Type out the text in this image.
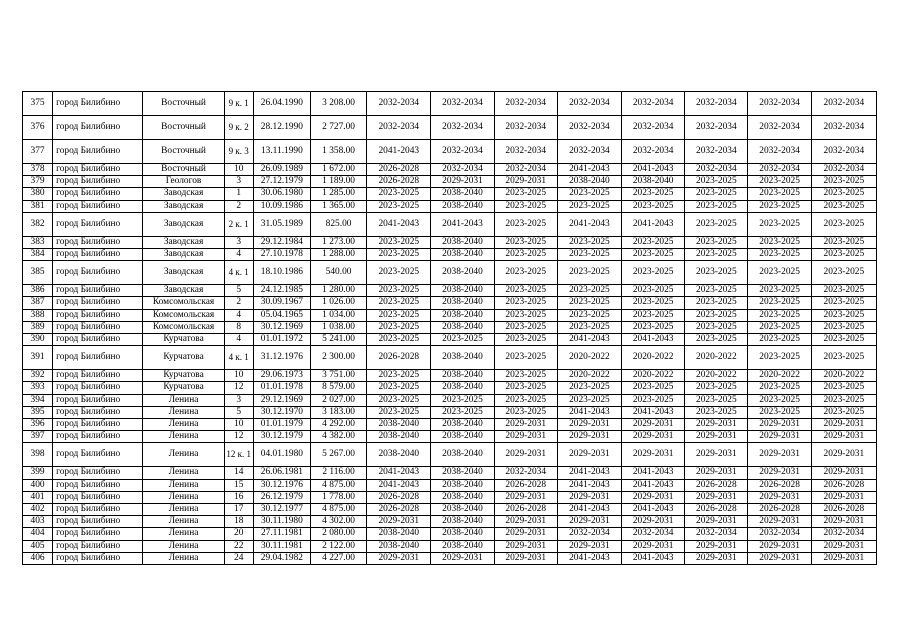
375	город Билибино	Восточный	9 к. 1	26.04.1990	3 208.00	2032-2034	2032-2034	2032-2034	2032-2034	2032-2034	2032-2034	2032-2034	2032-2034
376	город Билибино	Восточный	9 к. 2	28.12.1990	2 727.00	2032-2034	2032-2034	2032-2034	2032-2034	2032-2034	2032-2034	2032-2034	2032-2034
377	город Билибино	Восточный	9 к. 3	13.11.1990	1 358.00	2041-2043	2032-2034	2032-2034	2032-2034	2032-2034	2032-2034	2032-2034	2032-2034
378	город Билибино	Восточный	10	26.09.1989	1 672.00	2026-2028	2032-2034	2032-2034	2041-2043	2041-2043	2032-2034	2032-2034	2032-2034
379	город Билибино	Геологов	3	27.12.1979	1 189.00	2026-2028	2029-2031	2029-2031	2038-2040	2038-2040	2023-2025	2023-2025	2023-2025
380	город Билибино	Заводская	1	30.06.1980	1 285.00	2023-2025	2038-2040	2023-2025	2023-2025	2023-2025	2023-2025	2023-2025	2023-2025
381	город Билибино	Заводская	2	10.09.1986	1 365.00	2023-2025	2038-2040	2023-2025	2023-2025	2023-2025	2023-2025	2023-2025	2023-2025
382	город Билибино	Заводская	2 к. 1	31.05.1989	825.00	2041-2043	2041-2043	2023-2025	2041-2043	2041-2043	2023-2025	2023-2025	2023-2025
383	город Билибино	Заводская	3	29.12.1984	1 273.00	2023-2025	2038-2040	2023-2025	2023-2025	2023-2025	2023-2025	2023-2025	2023-2025
384	город Билибино	Заводская	4	27.10.1978	1 288.00	2023-2025	2038-2040	2023-2025	2023-2025	2023-2025	2023-2025	2023-2025	2023-2025
385	город Билибино	Заводская	4 к. 1	18.10.1986	540.00	2023-2025	2038-2040	2023-2025	2023-2025	2023-2025	2023-2025	2023-2025	2023-2025
386	город Билибино	Заводская	5	24.12.1985	1 280.00	2023-2025	2038-2040	2023-2025	2023-2025	2023-2025	2023-2025	2023-2025	2023-2025
387	город Билибино	Комсомольская	2	30.09.1967	1 026.00	2023-2025	2038-2040	2023-2025	2023-2025	2023-2025	2023-2025	2023-2025	2023-2025
388	город Билибино	Комсомольская	4	05.04.1965	1 034.00	2023-2025	2038-2040	2023-2025	2023-2025	2023-2025	2023-2025	2023-2025	2023-2025
389	город Билибино	Комсомольская	8	30.12.1969	1 038.00	2023-2025	2038-2040	2023-2025	2023-2025	2023-2025	2023-2025	2023-2025	2023-2025
390	город Билибино	Курчатова	4	01.01.1972	5 241.00	2023-2025	2023-2025	2023-2025	2041-2043	2041-2043	2023-2025	2023-2025	2023-2025
391	город Билибино	Курчатова	4 к. 1	31.12.1976	2 300.00	2026-2028	2038-2040	2023-2025	2020-2022	2020-2022	2020-2022	2023-2025	2023-2025
392	город Билибино	Курчатова	10	29.06.1973	3 751.00	2023-2025	2038-2040	2023-2025	2020-2022	2020-2022	2020-2022	2020-2022	2020-2022
393	город Билибино	Курчатова	12	01.01.1978	8 579.00	2023-2025	2038-2040	2023-2025	2023-2025	2023-2025	2023-2025	2023-2025	2023-2025
394	город Билибино	Ленина	3	29.12.1969	2 027.00	2023-2025	2023-2025	2023-2025	2023-2025	2023-2025	2023-2025	2023-2025	2023-2025
395	город Билибино	Ленина	5	30.12.1970	3 183.00	2023-2025	2023-2025	2023-2025	2041-2043	2041-2043	2023-2025	2023-2025	2023-2025
396	город Билибино	Ленина	10	01.01.1979	4 292.00	2038-2040	2038-2040	2029-2031	2029-2031	2029-2031	2029-2031	2029-2031	2029-2031
397	город Билибино	Ленина	12	30.12.1979	4 382.00	2038-2040	2038-2040	2029-2031	2029-2031	2029-2031	2029-2031	2029-2031	2029-2031
398	город Билибино	Ленина	12 к. 1	04.01.1980	5 267.00	2038-2040	2038-2040	2029-2031	2029-2031	2029-2031	2029-2031	2029-2031	2029-2031
399	город Билибино	Ленина	14	26.06.1981	2 116.00	2041-2043	2038-2040	2032-2034	2041-2043	2041-2043	2029-2031	2029-2031	2029-2031
400	город Билибино	Ленина	15	30.12.1976	4 875.00	2041-2043	2038-2040	2026-2028	2041-2043	2041-2043	2026-2028	2026-2028	2026-2028
401	город Билибино	Ленина	16	26.12.1979	1 778.00	2026-2028	2038-2040	2029-2031	2029-2031	2029-2031	2029-2031	2029-2031	2029-2031
402	город Билибино	Ленина	17	30.12.1977	4 875.00	2026-2028	2038-2040	2026-2028	2041-2043	2041-2043	2026-2028	2026-2028	2026-2028
403	город Билибино	Ленина	18	30.11.1980	4 302.00	2029-2031	2038-2040	2029-2031	2029-2031	2029-2031	2029-2031	2029-2031	2029-2031
404	город Билибино	Ленина	20	27.11.1981	2 080.00	2038-2040	2038-2040	2029-2031	2032-2034	2032-2034	2032-2034	2032-2034	2032-2034
405	город Билибино	Ленина	22	30.11.1981	2 122.00	2038-2040	2038-2040	2029-2031	2029-2031	2029-2031	2029-2031	2029-2031	2029-2031
406	город Билибино	Ленина	24	29.04.1982	4 227.00	2029-2031	2029-2031	2029-2031	2041-2043	2041-2043	2029-2031	2029-2031	2029-2031
